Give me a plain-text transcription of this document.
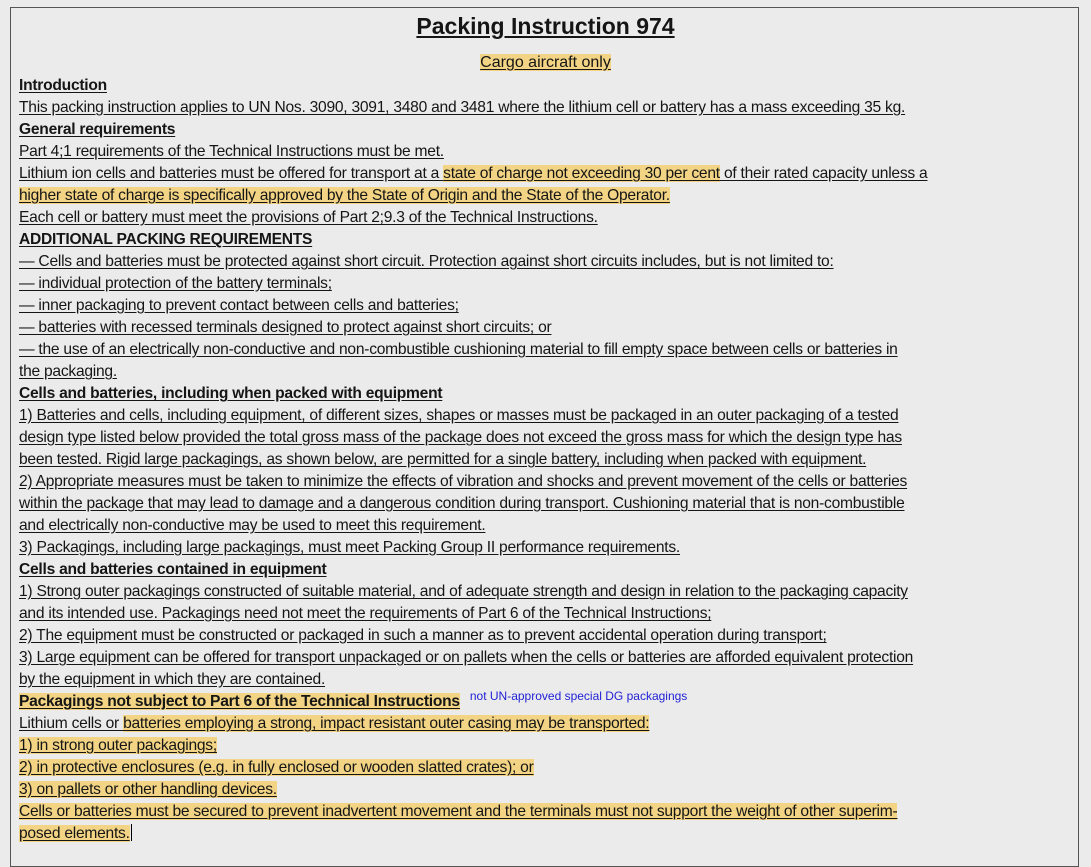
Packing Instruction 974
Cargo aircraft only
Introduction
This packing instruction applies to UN Nos. 3090, 3091, 3480 and 3481 where the lithium cell or battery has a mass exceeding 35 kg.
General requirements
Part 4;1 requirements of the Technical Instructions must be met.
Lithium ion cells and batteries must be offered for transport at a state of charge not exceeding 30 per cent of their rated capacity unless a
higher state of charge is specifically approved by the State of Origin and the State of the Operator.
Each cell or battery must meet the provisions of Part 2;9.3 of the Technical Instructions.
ADDITIONAL PACKING REQUIREMENTS
— Cells and batteries must be protected against short circuit. Protection against short circuits includes, but is not limited to:
— individual protection of the battery terminals;
— inner packaging to prevent contact between cells and batteries;
— batteries with recessed terminals designed to protect against short circuits; or
— the use of an electrically non-conductive and non-combustible cushioning material to fill empty space between cells or batteries in
the packaging.
Cells and batteries, including when packed with equipment
1) Batteries and cells, including equipment, of different sizes, shapes or masses must be packaged in an outer packaging of a tested
design type listed below provided the total gross mass of the package does not exceed the gross mass for which the design type has
been tested. Rigid large packagings, as shown below, are permitted for a single battery, including when packed with equipment.
2) Appropriate measures must be taken to minimize the effects of vibration and shocks and prevent movement of the cells or batteries
within the package that may lead to damage and a dangerous condition during transport. Cushioning material that is non-combustible
and electrically non-conductive may be used to meet this requirement.
3) Packagings, including large packagings, must meet Packing Group II performance requirements.
Cells and batteries contained in equipment
1) Strong outer packagings constructed of suitable material, and of adequate strength and design in relation to the packaging capacity
and its intended use. Packagings need not meet the requirements of Part 6 of the Technical Instructions;
2) The equipment must be constructed or packaged in such a manner as to prevent accidental operation during transport;
3) Large equipment can be offered for transport unpackaged or on pallets when the cells or batteries are afforded equivalent protection
by the equipment in which they are contained.
Packagings not subject to Part 6 of the Technical Instructions not UN-approved special DG packagings
Lithium cells or batteries employing a strong, impact resistant outer casing may be transported:
1) in strong outer packagings;
2) in protective enclosures (e.g. in fully enclosed or wooden slatted crates); or
3) on pallets or other handling devices.
Cells or batteries must be secured to prevent inadvertent movement and the terminals must not support the weight of other superim-
posed elements.
